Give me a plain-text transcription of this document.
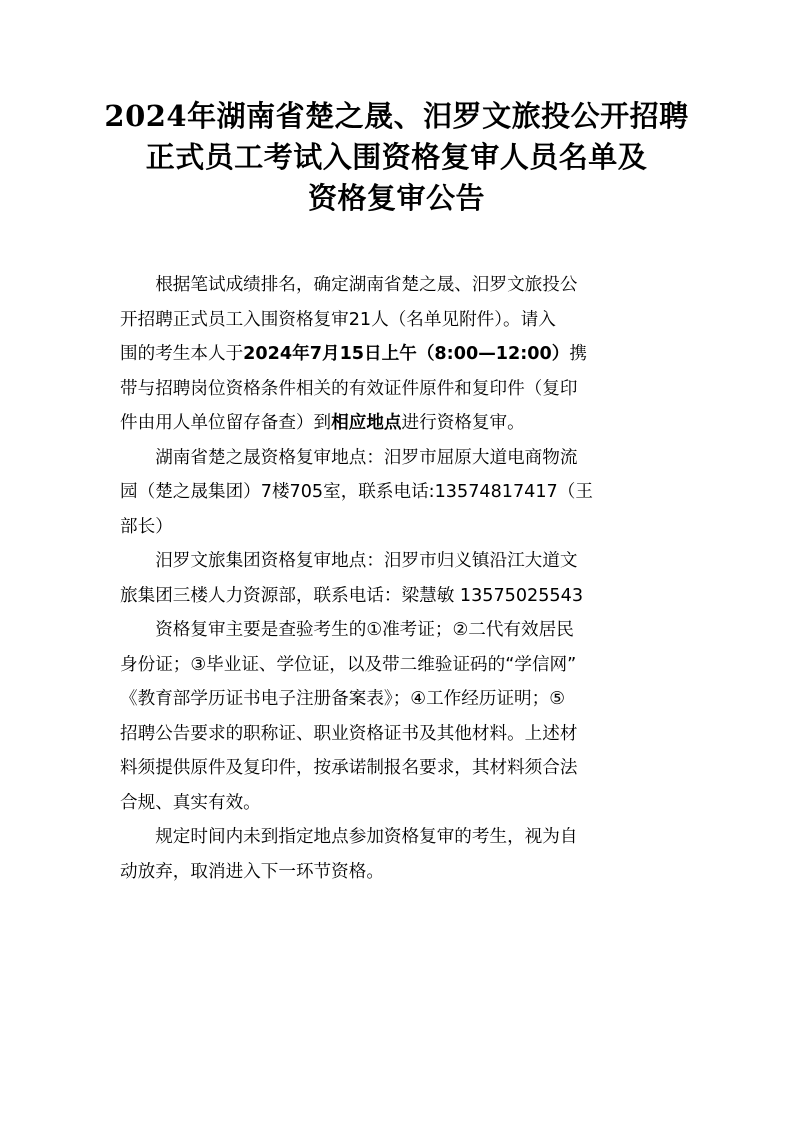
2024年湖南省楚之晟、汨罗文旅投公开招聘
正式员工考试入围资格复审人员名单及
资格复审公告
根据笔试成绩排名，确定湖南省楚之晟、汨罗文旅投公
开招聘正式员工入围资格复审21人（名单见附件）。请入
围的考生本人于2024年7月15日上午（8:00—12:00）携
带与招聘岗位资格条件相关的有效证件原件和复印件（复印
件由用人单位留存备查）到相应地点进行资格复审。
湖南省楚之晟资格复审地点：汨罗市屈原大道电商物流
园（楚之晟集团）7楼705室，联系电话:13574817417（王
部长）
汨罗文旅集团资格复审地点：汨罗市归义镇沿江大道文
旅集团三楼人力资源部，联系电话：梁慧敏 13575025543
资格复审主要是查验考生的①准考证；②二代有效居民
身份证；③毕业证、学位证，以及带二维验证码的“学信网”
《教育部学历证书电子注册备案表》；④工作经历证明；⑤
招聘公告要求的职称证、职业资格证书及其他材料。上述材
料须提供原件及复印件，按承诺制报名要求，其材料须合法
合规、真实有效。
规定时间内未到指定地点参加资格复审的考生，视为自
动放弃，取消进入下一环节资格。
